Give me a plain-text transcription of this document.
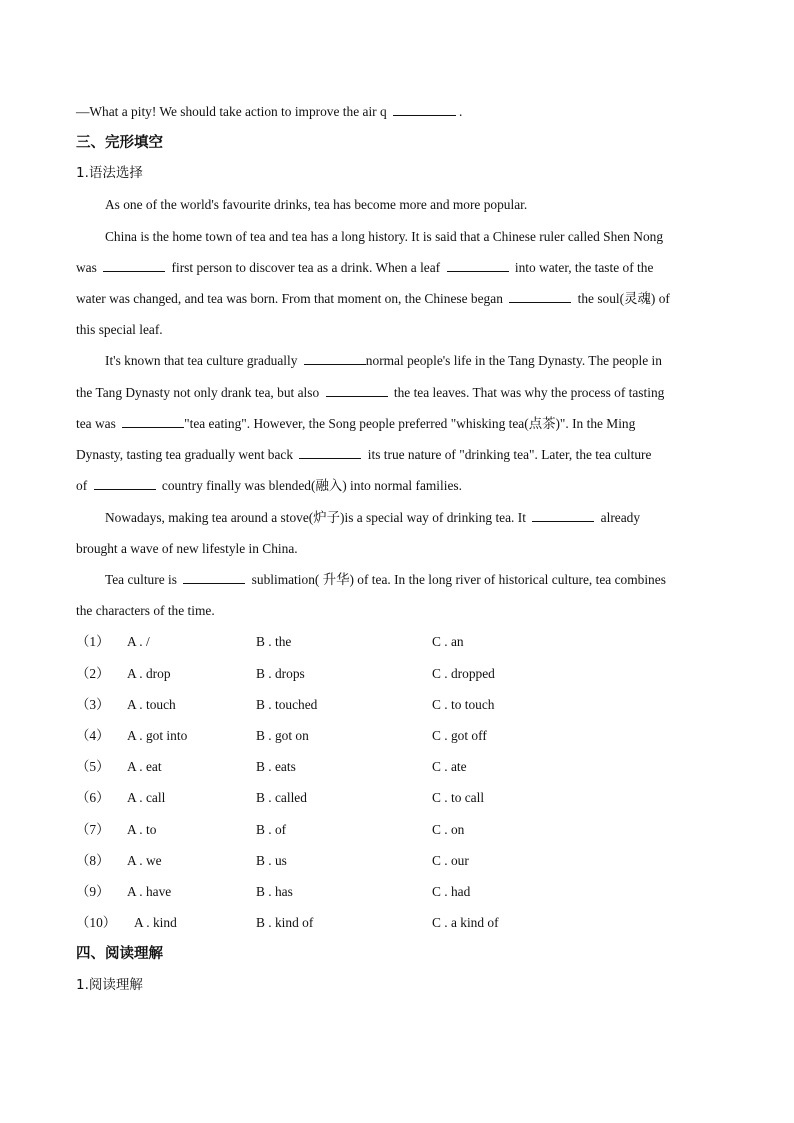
—What a pity! We should take action to improve the air q	.
三、完形填空
1.语法选择
As one of the world's favourite drinks, tea has become more and more popular.
China is the home town of tea and tea has a long history. It is said that a Chinese ruler called Shen Nong
was	first person to discover tea as a drink. When a leaf	into water, the taste of the
water was changed, and tea was born. From that moment on, the Chinese began	the soul(灵魂) of
this special leaf.
It's known that tea culture gradually	normal people's life in the Tang Dynasty. The people in
the Tang Dynasty not only drank tea, but also	the tea leaves. That was why the process of tasting
tea was	"tea eating". However, the Song people preferred "whisking tea(点茶)". In the Ming
Dynasty, tasting tea gradually went back	its true nature of "drinking tea". Later, the tea culture
of	country finally was blended(融入) into normal families.
Nowadays, making tea around a stove(炉子)is a special way of drinking tea. It	already
brought a wave of new lifestyle in China.
Tea culture is	sublimation( 升华) of tea. In the long river of historical culture, tea combines
the characters of the time.
（1） A . /	B . the	C . an
（2） A . drop	B . drops	C . dropped
（3） A . touch	B . touched	C . to touch
（4） A . got into	B . got on	C . got off
（5） A . eat	B . eats	C . ate
（6） A . call	B . called	C . to call
（7） A . to	B . of	C . on
（8） A . we	B . us	C . our
（9） A . have	B . has	C . had
（10） A . kind	B . kind of	C . a kind of
四、阅读理解
1.阅读理解
